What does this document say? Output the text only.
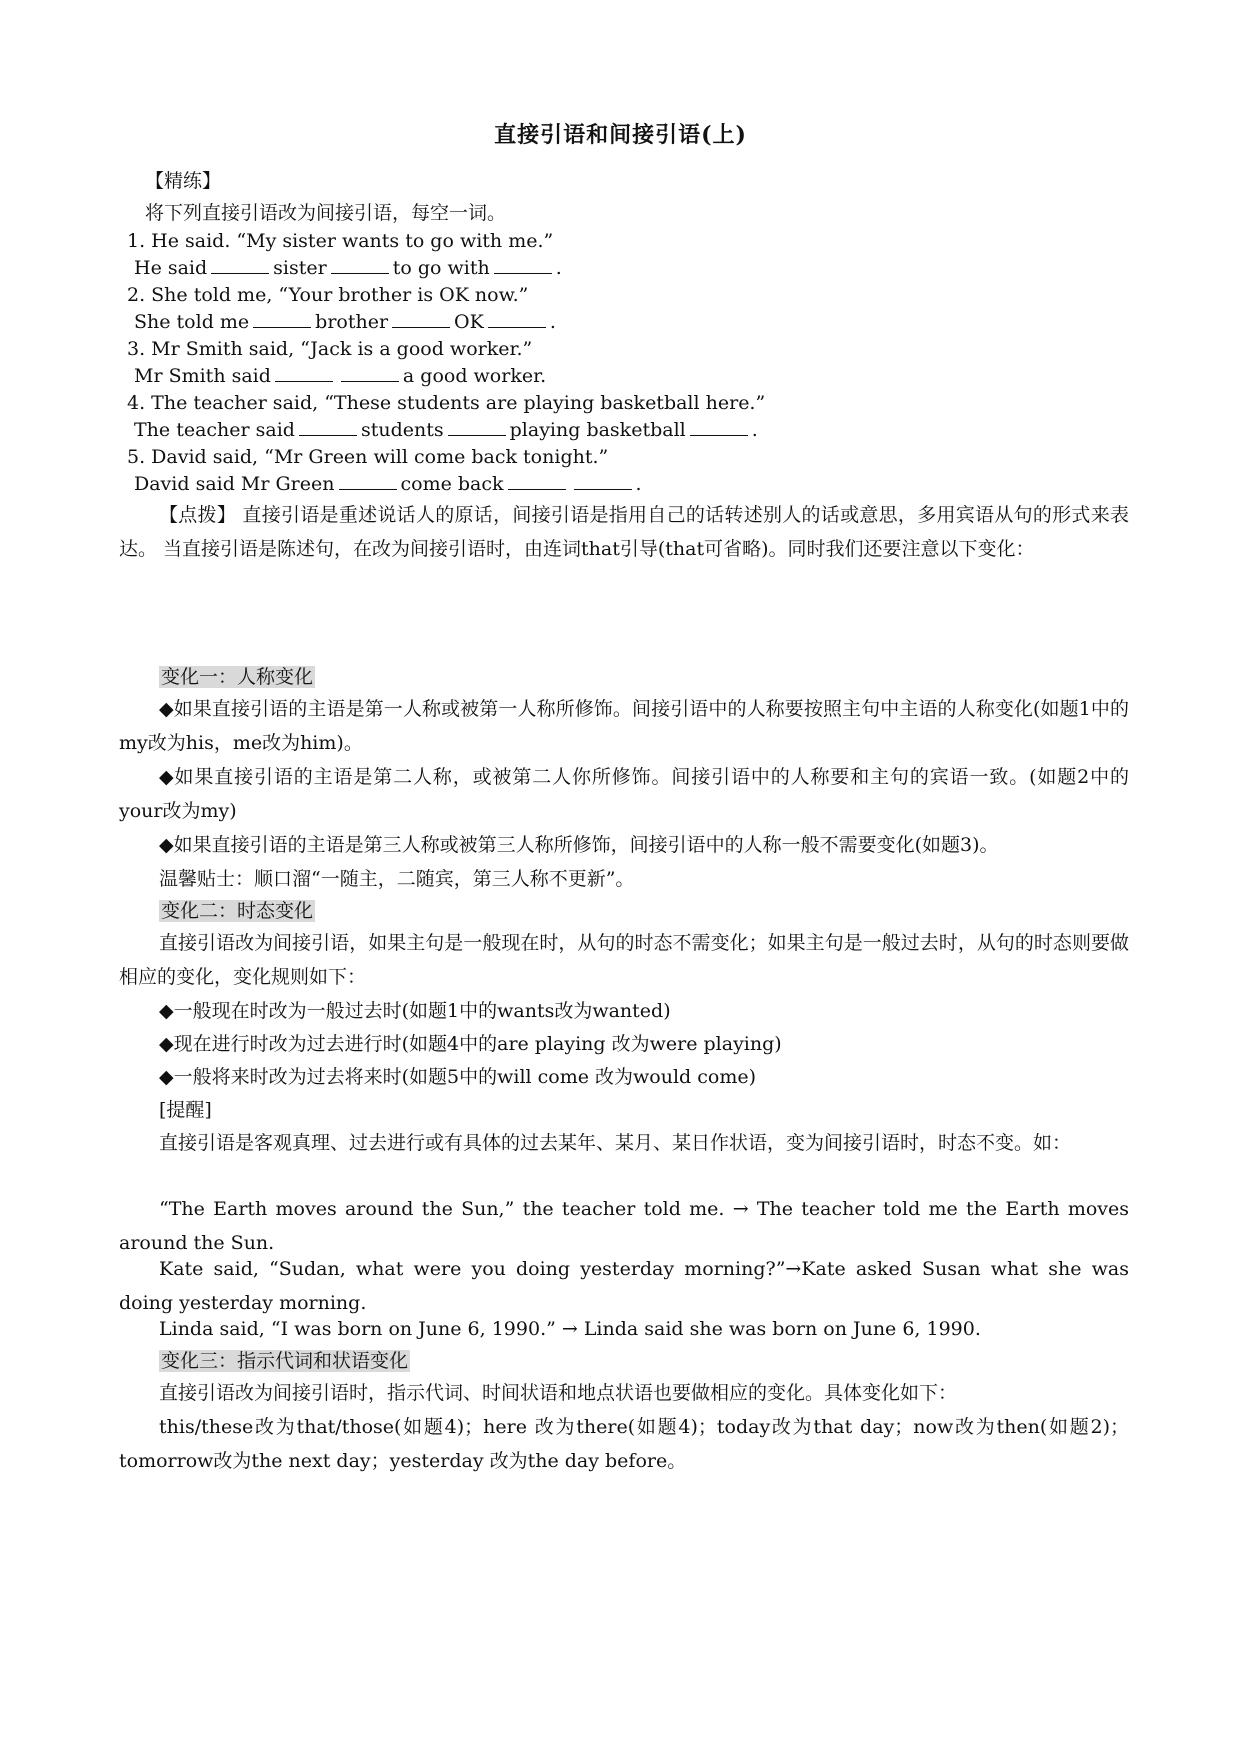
直接引语和间接引语(上)
【精练】
将下列直接引语改为间接引语，每空一词。
1. He said. “My sister wants to go with me.”
He said	sister	to go with	.
2. She told me, “Your brother is OK now.”
She told me	brother	OK	.
3. Mr Smith said, “Jack is a good worker.”
Mr Smith said	a good worker.
4. The teacher said, “These students are playing basketball here.”
The teacher said	students	playing basketball	.
5. David said, “Mr Green will come back tonight.”
David said Mr Green	come back	.
【点拨】 直接引语是重述说话人的原话，间接引语是指用自己的话转述别人的话或意思，多用宾语从句的形式来表达。 当直接引语是陈述句，在改为间接引语时，由连词that引导(that可省略)。同时我们还要注意以下变化：
变化一：人称变化
◆如果直接引语的主语是第一人称或被第一人称所修饰。间接引语中的人称要按照主句中主语的人称变化(如题1中的my改为his，me改为him)。
◆如果直接引语的主语是第二人称，或被第二人你所修饰。间接引语中的人称要和主句的宾语一致。(如题2中的your改为my)
◆如果直接引语的主语是第三人称或被第三人称所修饰，间接引语中的人称一般不需要变化(如题3)。
温馨贴士：顺口溜“一随主，二随宾，第三人称不更新”。
变化二：时态变化
直接引语改为间接引语，如果主句是一般现在时，从句的时态不需变化；如果主句是一般过去时，从句的时态则要做相应的变化，变化规则如下：
◆一般现在时改为一般过去时(如题1中的wants改为wanted)
◆现在进行时改为过去进行时(如题4中的are playing 改为were playing)
◆一般将来时改为过去将来时(如题5中的will come 改为would come)
[提醒]
直接引语是客观真理、过去进行或有具体的过去某年、某月、某日作状语，变为间接引语时，时态不变。如：
“The Earth moves around the Sun,” the teacher told me. → The teacher told me the Earth moves around the Sun.
Kate said, “Sudan, what were you doing yesterday morning?”→Kate asked Susan what she was doing yesterday morning.
Linda said, “I was born on June 6, 1990.” → Linda said she was born on June 6, 1990.
变化三：指示代词和状语变化
直接引语改为间接引语时，指示代词、时间状语和地点状语也要做相应的变化。具体变化如下：
this/these改为that/those(如题4)；here 改为there(如题4)；today改为that day；now改为then(如题2)；tomorrow改为the next day；yesterday 改为the day before。
